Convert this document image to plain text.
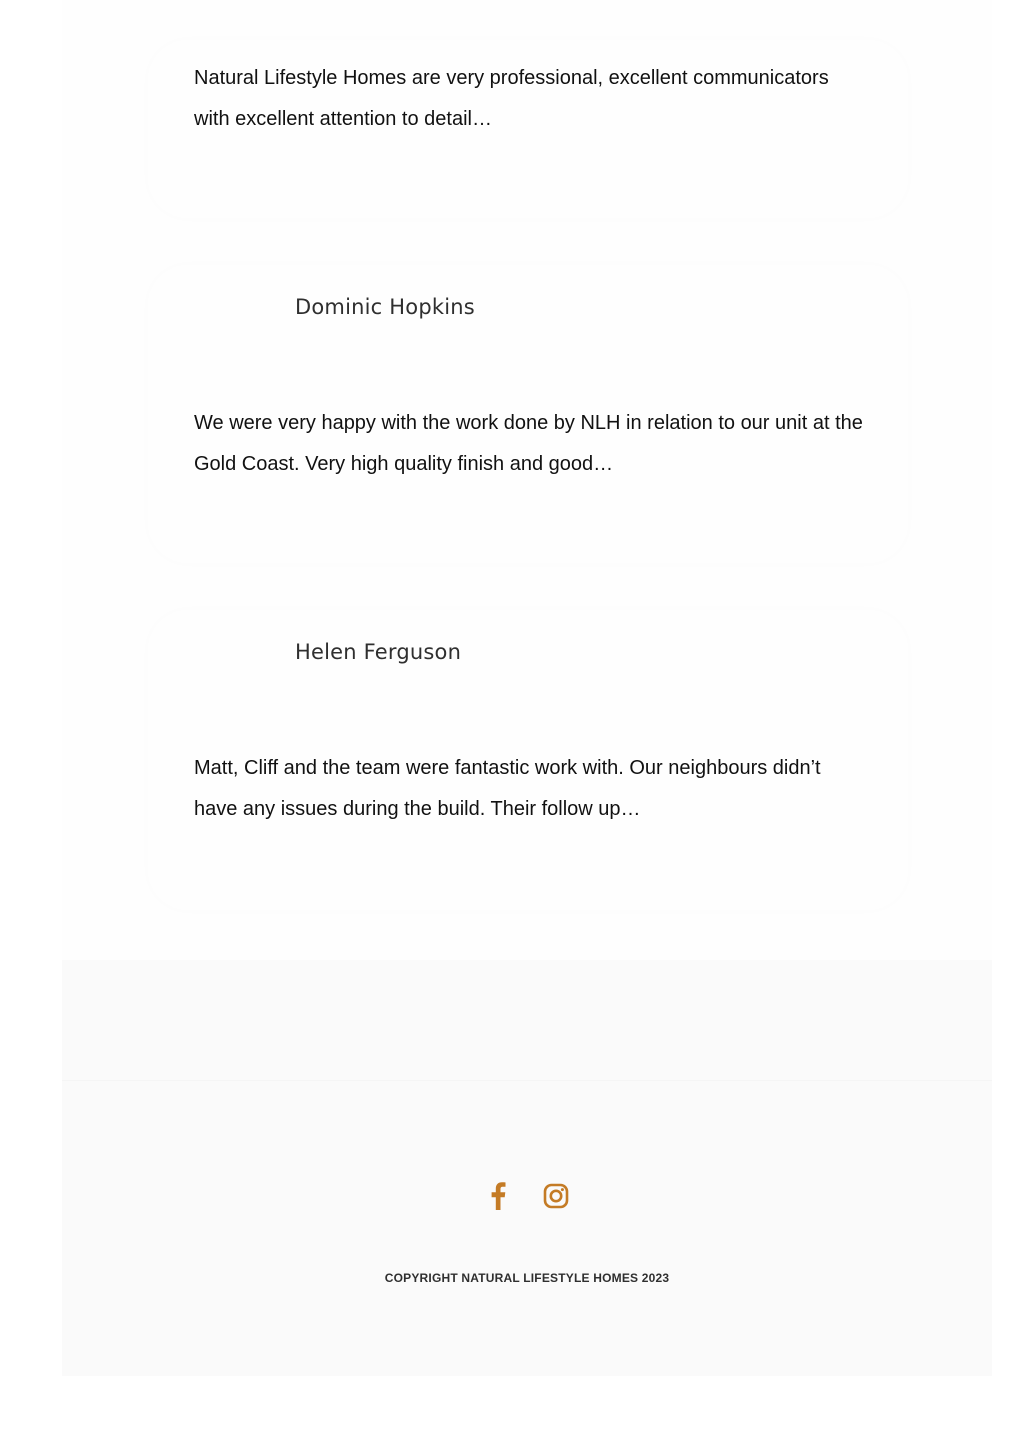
Natural Lifestyle Homes are very professional, excellent communicators with excellent attention to detail…

Dominic Hopkins

We were very happy with the work done by NLH in relation to our unit at the Gold Coast. Very high quality finish and good…

Helen Ferguson

Matt, Cliff and the team were fantastic work with. Our neighbours didn’t have any issues during the build. Their follow up…

COPYRIGHT NATURAL LIFESTYLE HOMES 2023
